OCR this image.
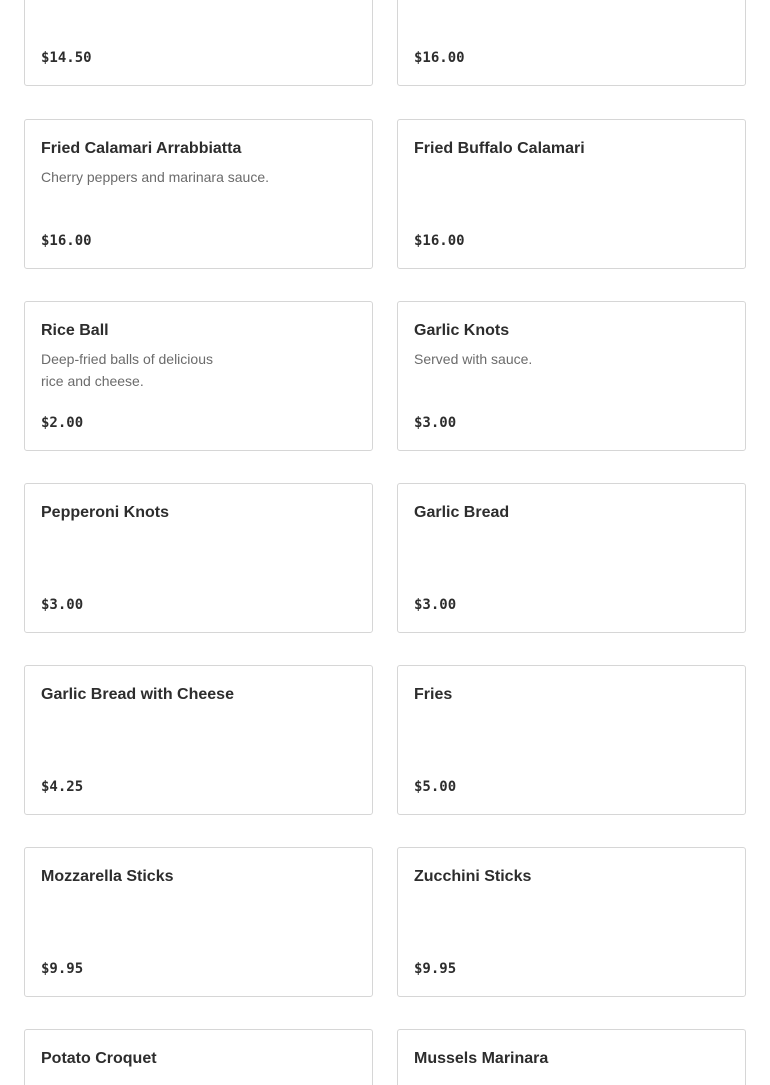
$14.50	$16.00
Fried Calamari Arrabbiatta
Cherry peppers and marinara sauce.
$16.00
Fried Buffalo Calamari
$16.00
Rice Ball
Deep-fried balls of delicious rice and cheese.
$2.00
Garlic Knots
Served with sauce.
$3.00
Pepperoni Knots
$3.00
Garlic Bread
$3.00
Garlic Bread with Cheese
$4.25
Fries
$5.00
Mozzarella Sticks
$9.95
Zucchini Sticks
$9.95
Potato Croquet	Mussels Marinara
